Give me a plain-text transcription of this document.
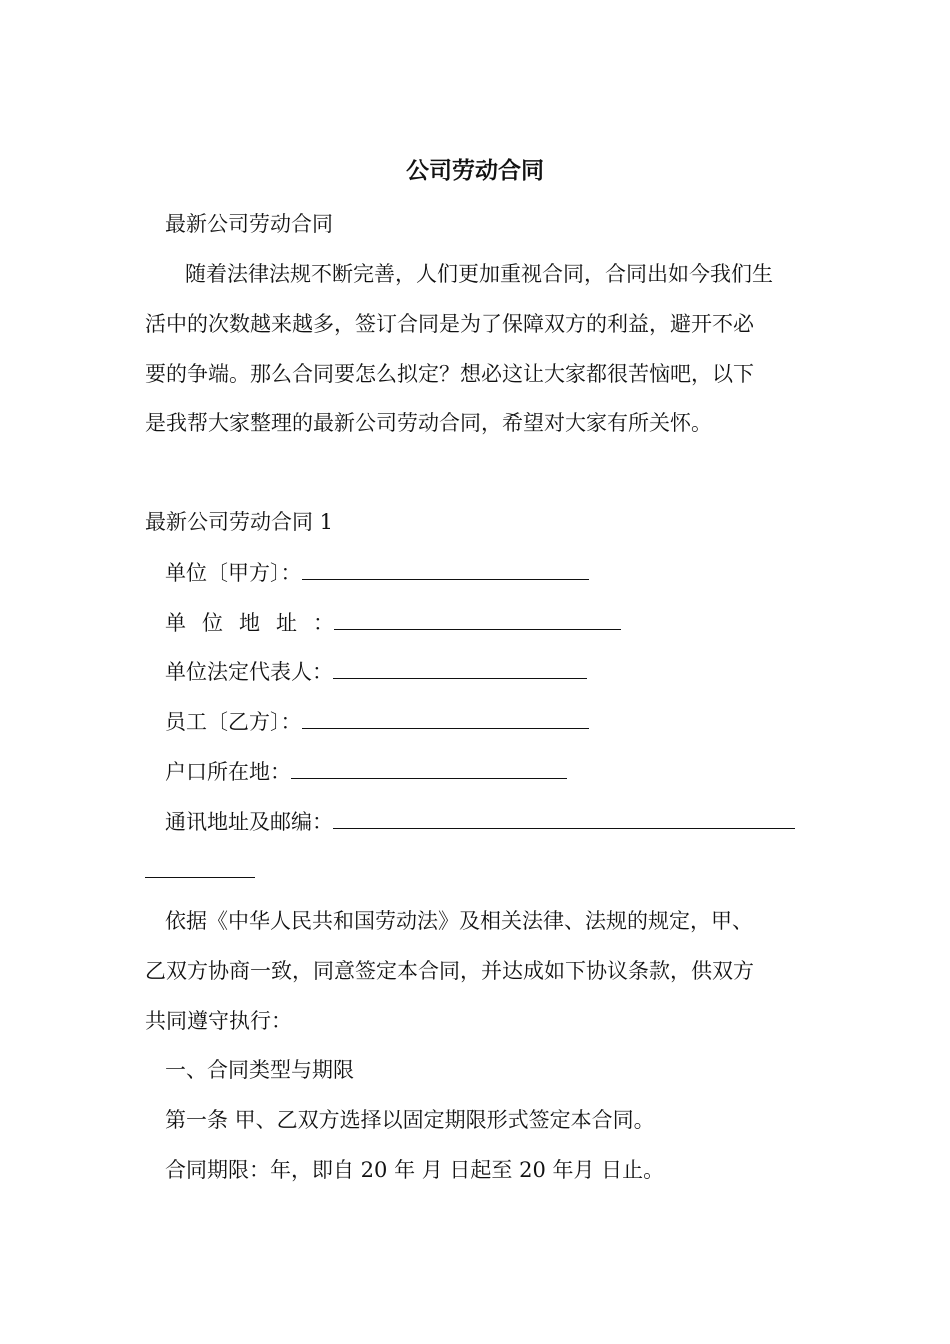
公司劳动合同
最新公司劳动合同
随着法律法规不断完善，人们更加重视合同，合同出如今我们生
活中的次数越来越多，签订合同是为了保障双方的利益，避开不必
要的争端。那么合同要怎么拟定？想必这让大家都很苦恼吧，以下
是我帮大家整理的最新公司劳动合同，希望对大家有所关怀。
最新公司劳动合同 1
单位〔甲方〕：
单位地址：
单位法定代表人：
员工〔乙方〕：
户口所在地：
通讯地址及邮编：
依据《中华人民共和国劳动法》及相关法律、法规的规定，甲、
乙双方协商一致，同意签定本合同，并达成如下协议条款，供双方
共同遵守执行：
一、合同类型与期限
第一条 甲、乙双方选择以固定期限形式签定本合同。
合同期限：年，即自 20 年 月 日起至 20 年月 日止。
